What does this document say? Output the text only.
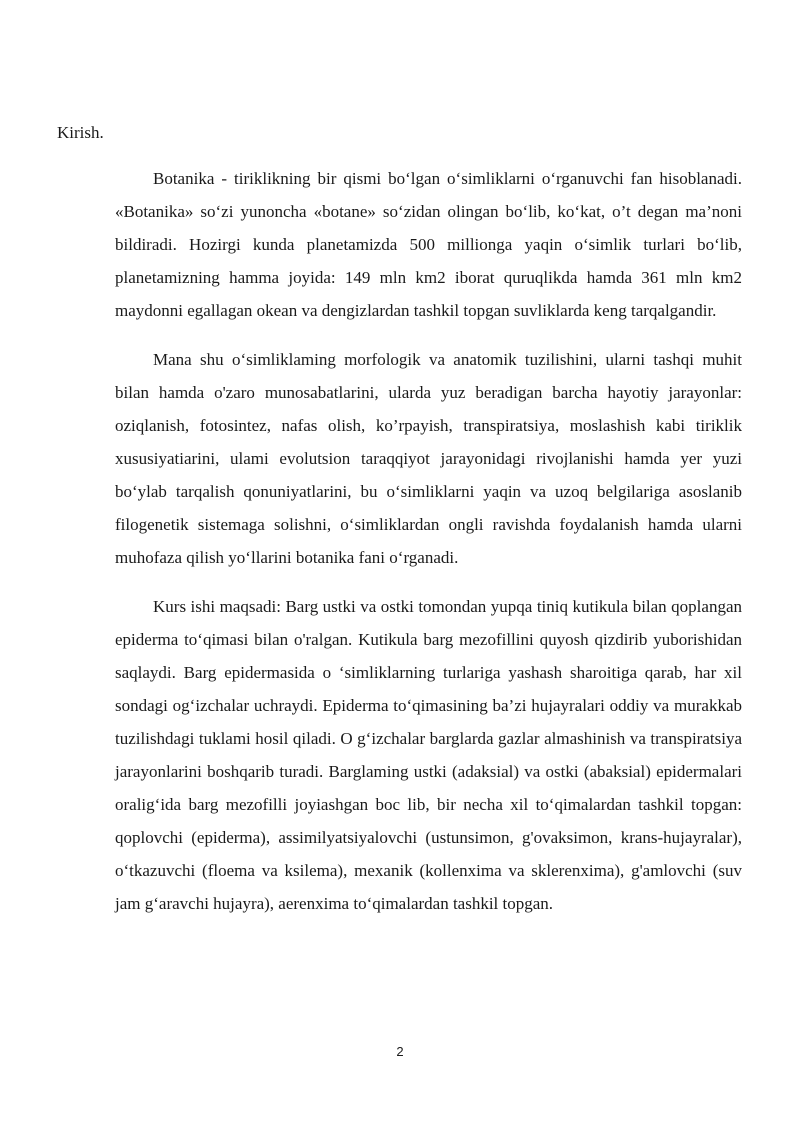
Kirish.

Botanika - tiriklikning bir qismi bo‘lgan o‘simliklarni o‘rganuvchi fan hisoblanadi. «Botanika» so‘zi yunoncha «botane» so‘zidan olingan bo‘lib, ko‘kat, o’t degan ma’noni bildiradi. Hozirgi kunda planetamizda 500 millionga yaqin o‘simlik turlari bo‘lib, planetamizning hamma joyida: 149 mln km2 iborat quruqlikda hamda 361 mln km2 maydonni egallagan okean va dengizlardan tashkil topgan suvliklarda keng tarqalgandir.

Mana shu o‘simliklaming morfologik va anatomik tuzilishini, ularni tashqi muhit bilan hamda o'zaro munosabatlarini, ularda yuz beradigan barcha hayotiy jarayonlar: oziqlanish, fotosintez, nafas olish, ko’rpayish, transpiratsiya, moslashish kabi tiriklik xususiyatiarini, ulami evolutsion taraqqiyot jarayonidagi rivojlanishi hamda yer yuzi bo‘ylab tarqalish qonuniyatlarini, bu o‘simliklarni yaqin va uzoq belgilariga asoslanib filogenetik sistemaga solishni, o‘simliklardan ongli ravishda foydalanish hamda ularni muhofaza qilish yo‘llarini botanika fani o‘rganadi.

Kurs ishi maqsadi: Barg ustki va ostki tomondan yupqa tiniq kutikula bilan qoplangan epiderma to‘qimasi bilan o'ralgan. Kutikula barg mezofillini quyosh qizdirib yuborishidan saqlaydi. Barg epidermasida o ‘simliklarning turlariga yashash sharoitiga qarab, har xil sondagi og‘izchalar uchraydi. Epiderma to‘qimasining ba’zi hujayralari oddiy va murakkab tuzilishdagi tuklami hosil qiladi. O g‘izchalar barglarda gazlar almashinish va transpiratsiya jarayonlarini boshqarib turadi. Barglaming ustki (adaksial) va ostki (abaksial) epidermalari oralig‘ida barg mezofilli joyiashgan boc lib, bir necha xil to‘qimalardan tashkil topgan: qoplovchi (epiderma), assimilyatsiyalovchi (ustunsimon, g'ovaksimon, krans-hujayralar), o‘tkazuvchi (floema va ksilema), mexanik (kollenxima va sklerenxima), g'amlovchi (suv jam g‘aravchi hujayra), aerenxima to‘qimalardan tashkil topgan.

2
